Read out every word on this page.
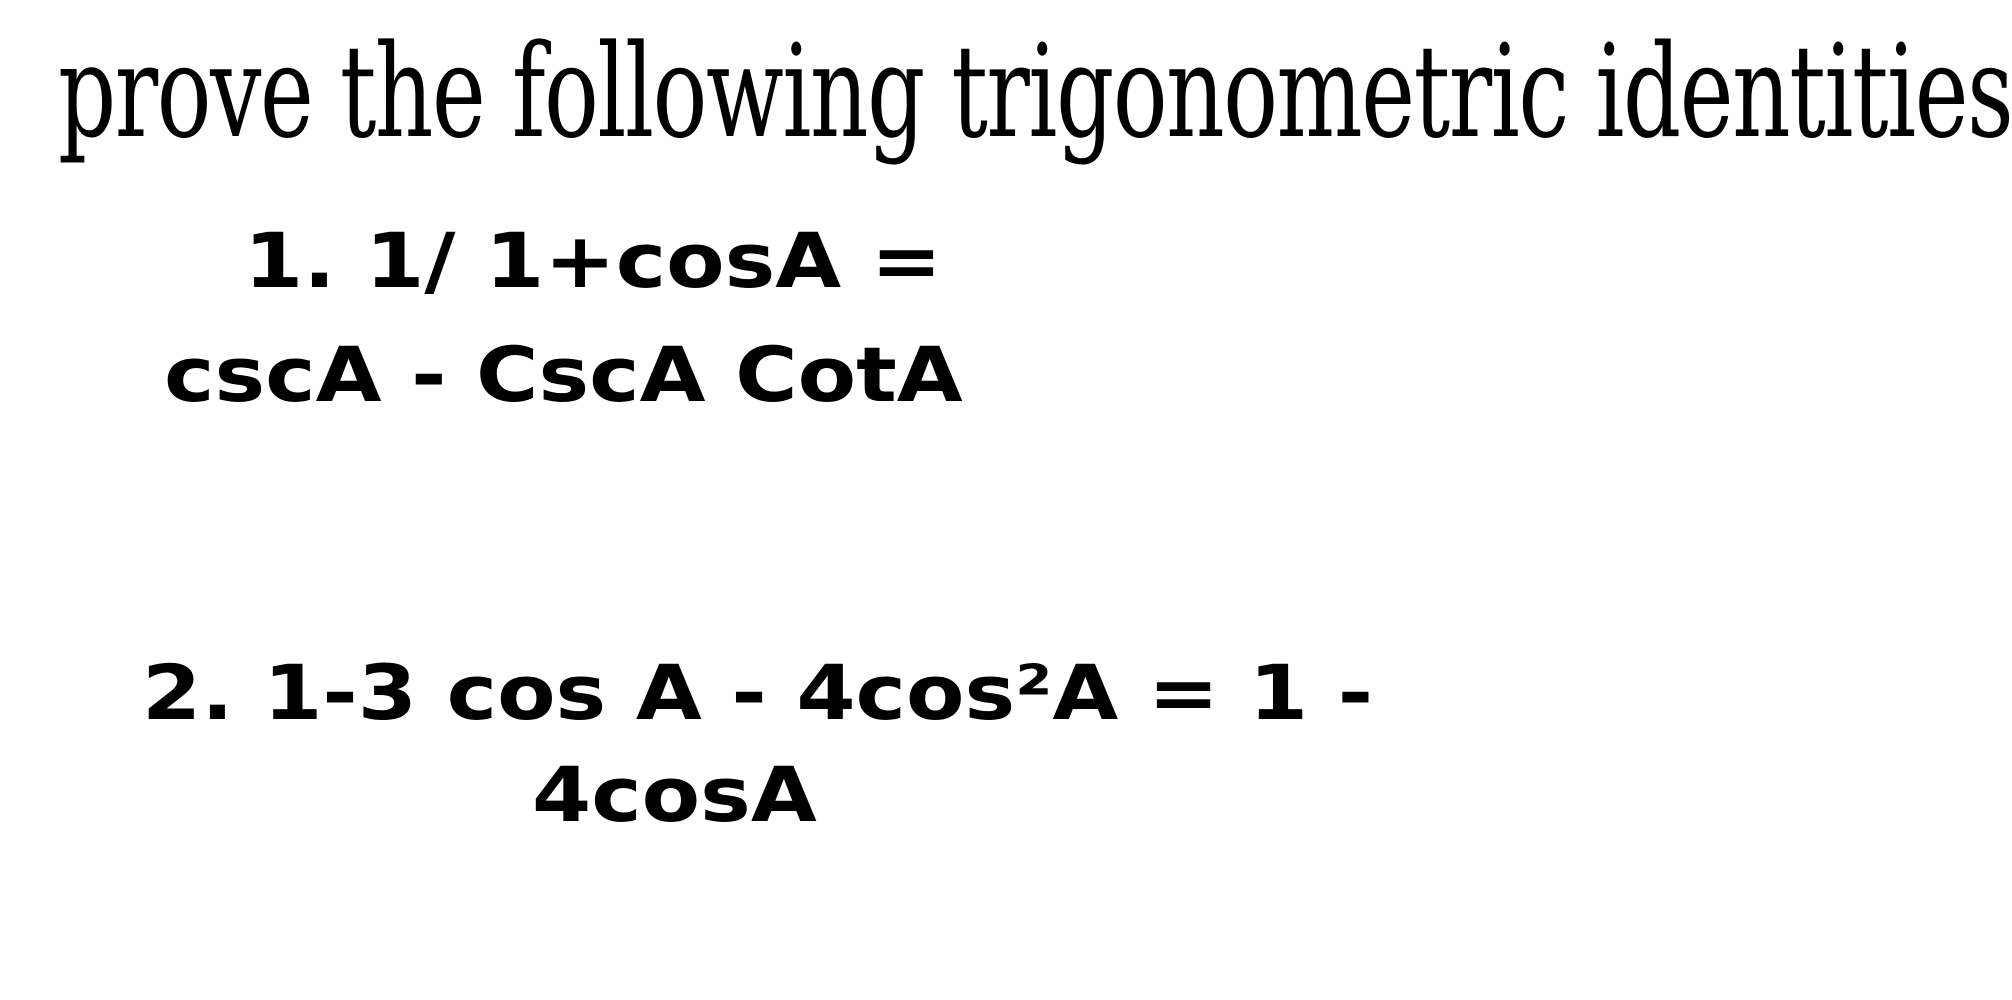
prove the following trigonometric identities
1. 1/ 1+cosA =
cscA - CscA CotA
2. 1-3 cos A - 4cos²A = 1 -
4cosA
